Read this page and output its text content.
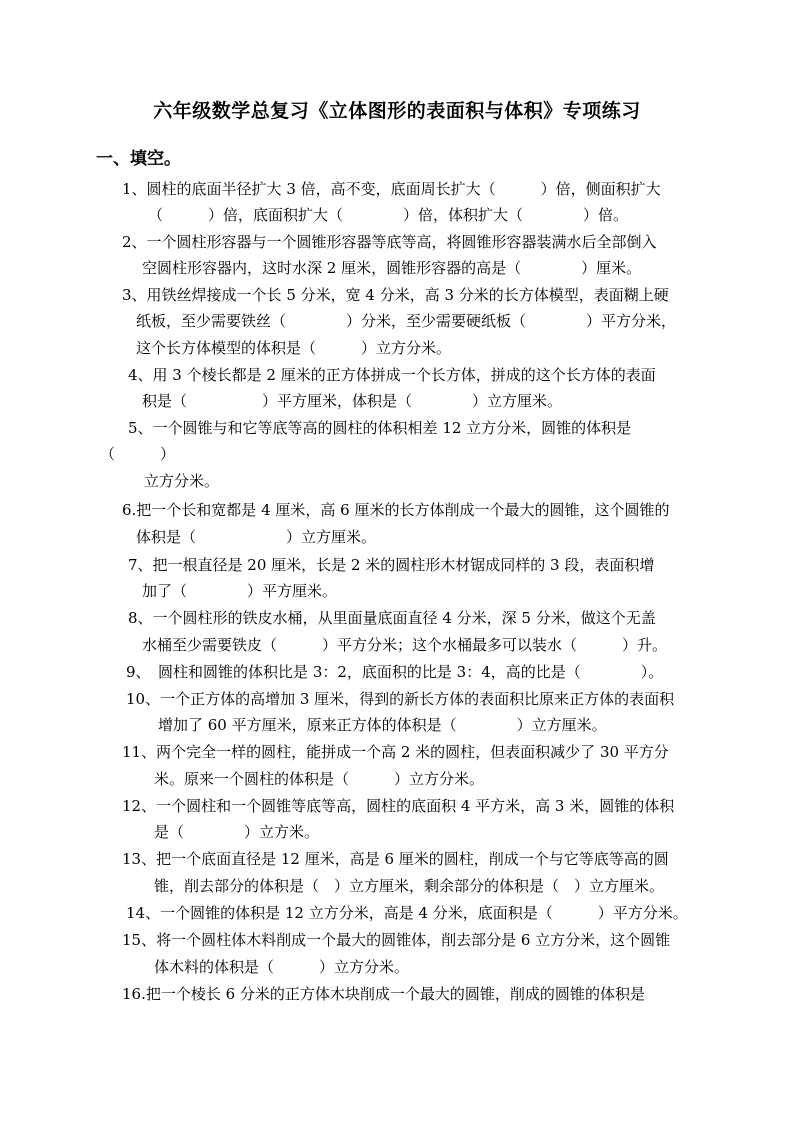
六年级数学总复习《立体图形的表面积与体积》专项练习
一、填空。
1、圆柱的底面半径扩大 3 倍，高不变，底面周长扩大（　　　）倍，侧面积扩大
（　　　）倍，底面积扩大（　　　　）倍，体积扩大（　　　　）倍。
2、一个圆柱形容器与一个圆锥形容器等底等高，将圆锥形容器装满水后全部倒入
空圆柱形容器内，这时水深 2 厘米，圆锥形容器的高是（　　　　）厘米。
3、用铁丝焊接成一个长 5 分米，宽 4 分米，高 3 分米的长方体模型，表面糊上硬
纸板，至少需要铁丝（　　　　）分米，至少需要硬纸板（　　　　）平方分米，
这个长方体模型的体积是（　　　）立方分米。
4、用 3 个棱长都是 2 厘米的正方体拼成一个长方体，拼成的这个长方体的表面
积是（　　　　　）平方厘米，体积是（　　　　）立方厘米。
5、一个圆锥与和它等底等高的圆柱的体积相差 12 立方分米，圆锥的体积是
（　　　）
立方分米。
6.把一个长和宽都是 4 厘米，高 6 厘米的长方体削成一个最大的圆锥，这个圆锥的
体积是（　　　　　　）立方厘米。
7、把一根直径是 20 厘米，长是 2 米的圆柱形木材锯成同样的 3 段，表面积增
加了（　　　　）平方厘米。
8、一个圆柱形的铁皮水桶，从里面量底面直径 4 分米，深 5 分米，做这个无盖
水桶至少需要铁皮（　　　）平方分米；这个水桶最多可以装水（　　　）升。
9、　圆柱和圆锥的体积比是 3：2，底面积的比是 3：4，高的比是（　　　　）。
10、一个正方体的高增加 3 厘米，得到的新长方体的表面积比原来正方体的表面积
增加了 60 平方厘米，原来正方体的体积是（　　　　）立方厘米。
11、两个完全一样的圆柱，能拼成一个高 2 米的圆柱，但表面积减少了 30 平方分
米。原来一个圆柱的体积是（　　　）立方分米。
12、一个圆柱和一个圆锥等底等高，圆柱的底面积 4 平方米，高 3 米，圆锥的体积
是（　　　　）立方米。
13、把一个底面直径是 12 厘米，高是 6 厘米的圆柱，削成一个与它等底等高的圆
锥，削去部分的体积是（　）立方厘米，剩余部分的体积是（　）立方厘米。
14、一个圆锥的体积是 12 立方分米，高是 4 分米，底面积是（　　　）平方分米。
15、将一个圆柱体木料削成一个最大的圆锥体，削去部分是 6 立方分米，这个圆锥
体木料的体积是（　　　）立方分米。
16.把一个棱长 6 分米的正方体木块削成一个最大的圆锥，削成的圆锥的体积是
